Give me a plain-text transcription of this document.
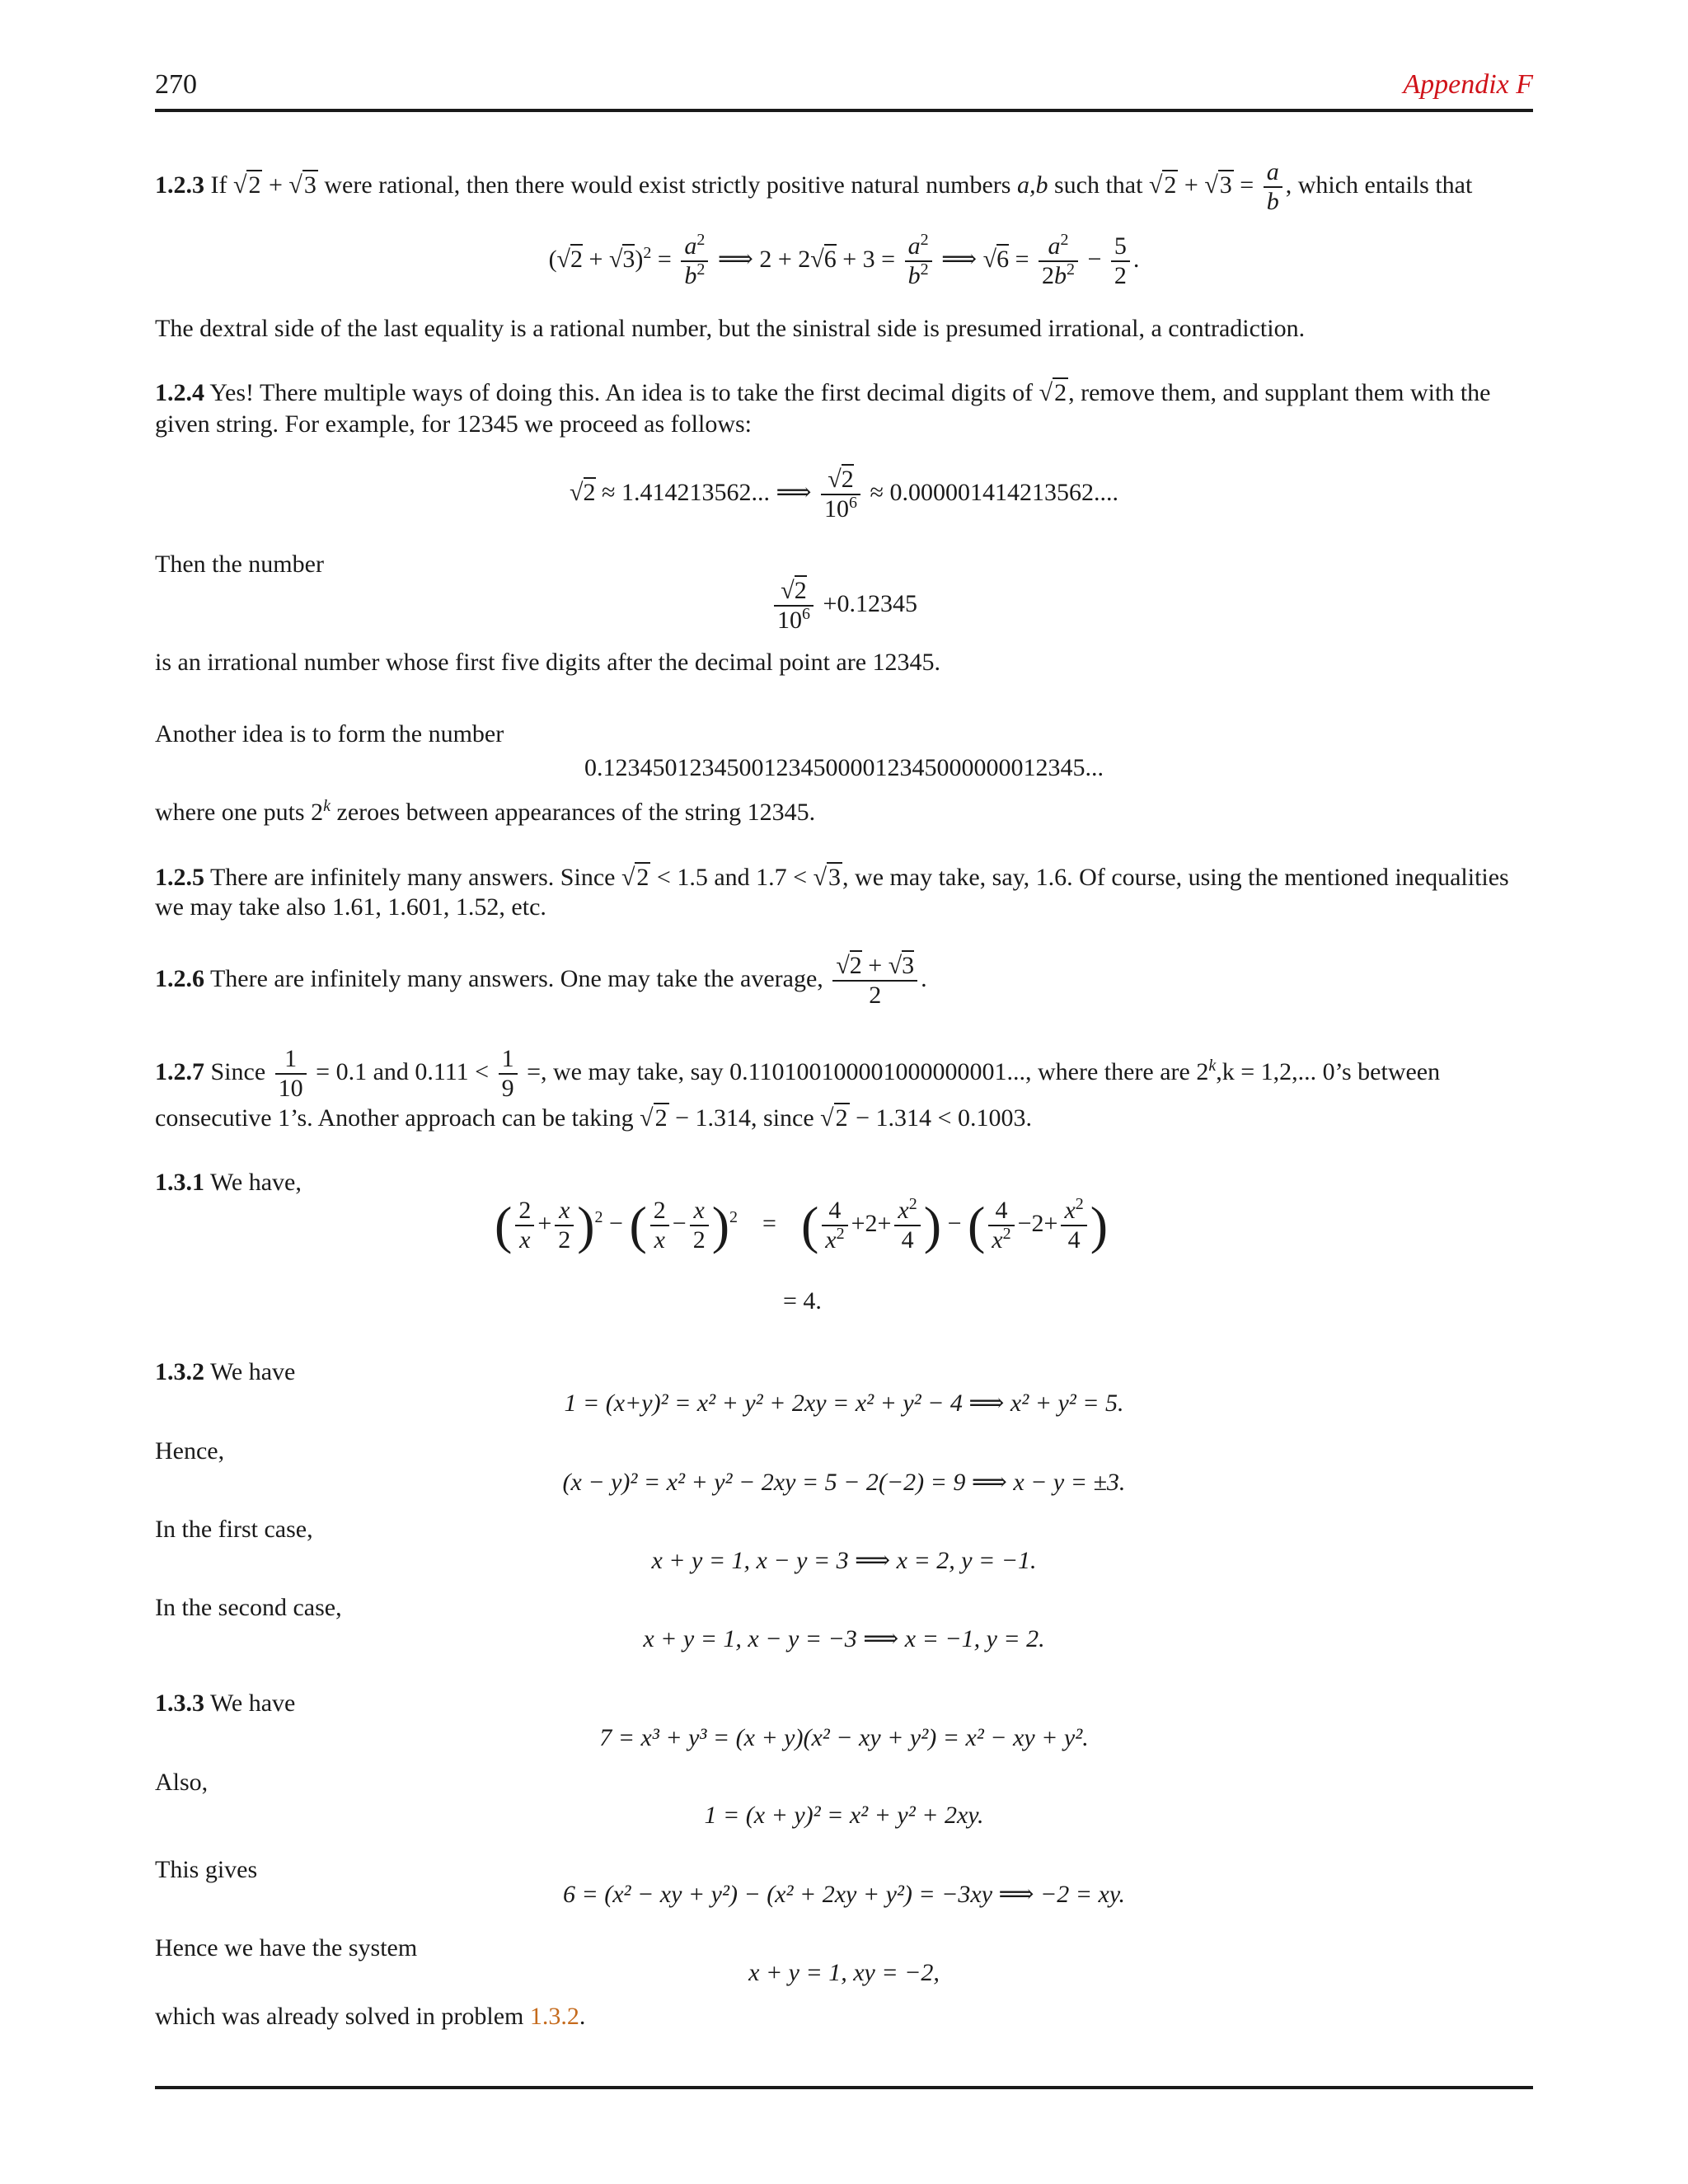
270	Appendix F
1.2.3 If √2 + √3 were rational, then there would exist strictly positive natural numbers a,b such that $√2 + √3 = \frac{a}{b}$ , which entails that
$(√2 + √3)^2 = \frac{a^2}{b^2}$ ⟹ $2 + 2√6 + 3 = \frac{a^2}{b^2}$ ⟹ $√6 = \frac{a^2}{2b^2} - \frac{5}{2}$ .
The dextral side of the last equality is a rational number, but the sinistral side is presumed irrational, a contradiction.
1.2.4 Yes! There multiple ways of doing this. An idea is to take the first decimal digits of √2, remove them, and supplant them with the
given string. For example, for 12345 we proceed as follows:
√2 ≈ 1.414213562... ⟹ $\frac{√2}{10^6} \approx 0.000001414213562$....
Then the number
$\frac{√2}{10^6} +0.12345$
is an irrational number whose first five digits after the decimal point are 12345.
Another idea is to form the number
0.123450123450012345000012345000000012345...
where one puts 2$^k$ zeroes between appearances of the string 12345.
1.2.5 There are infinitely many answers. Since √2 < 1.5 and 1.7 < √3, we may take, say, 1.6. Of course, using the mentioned inequalities
we may take also 1.61, 1.601, 1.52, etc.
1.2.6 There are infinitely many answers. One may take the average, $\frac{√2 + √3}{2}$ .
1.2.7 Since $\frac{1}{10} = 0.1$ and $0.111 < \frac{1}{9}$ =, we may take, say 0.110100100001000000001..., where there are $2^k,k = 1,2$,... 0’s between
consecutive 1’s. Another approach can be taking √2 − 1.314, since √2 − 1.314 < 0.1003.
1.3.1 We have,
( $\frac{2}{x} + \frac{x}{2} )^2$ − ( $\frac{2}{x} - \frac{x}{2} )^2$    =    ( $\frac{4}{x^2} +2+ \frac{x^2}{4}$ ) − ( $\frac{4}{x^2} -2+ \frac{x^2}{4}$ )
= 4.
1.3.2 We have
1 = (x+y)² = x² + y² + 2xy = x² + y² − 4 ⟹ x² + y² = 5.
Hence,
(x − y)² = x² + y² − 2xy = 5 − 2(−2) = 9 ⟹ x − y = ±3.
In the first case,
x + y = 1, x − y = 3 ⟹ x = 2, y = −1.
In the second case,
x + y = 1, x − y = −3 ⟹ x = −1, y = 2.
1.3.3 We have
7 = x³ + y³ = (x + y)(x² − xy + y²) = x² − xy + y².
Also,
1 = (x + y)² = x² + y² + 2xy.
This gives
6 = (x² − xy + y²) − (x² + 2xy + y²) = −3xy ⟹ −2 = xy.
Hence we have the system
x + y = 1, xy = −2,
which was already solved in problem 1.3.2.
